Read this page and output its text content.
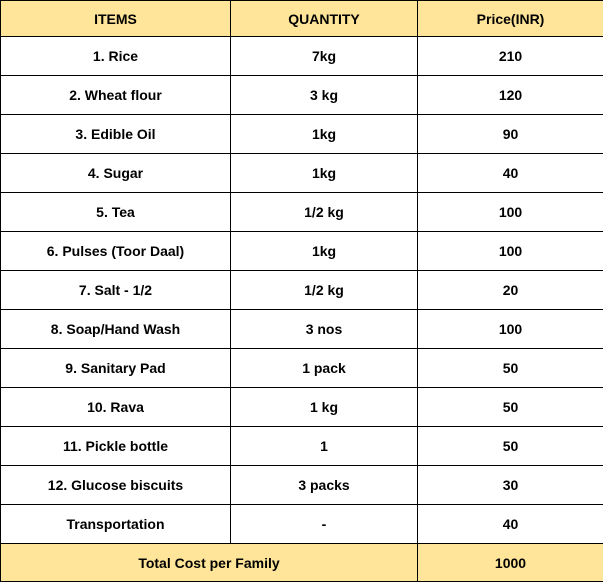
ITEMS	QUANTITY	Price(INR)
1. Rice	7kg	210
2. Wheat flour	3 kg	120
3. Edible Oil	1kg	90
4. Sugar	1kg	40
5. Tea	1/2 kg	100
6. Pulses (Toor Daal)	1kg	100
7. Salt - 1/2	1/2 kg	20
8. Soap/Hand Wash	3 nos	100
9. Sanitary Pad	1 pack	50
10. Rava	1 kg	50
11. Pickle bottle	1	50
12. Glucose biscuits	3 packs	30
Transportation	-	40
Total Cost per Family		1000
